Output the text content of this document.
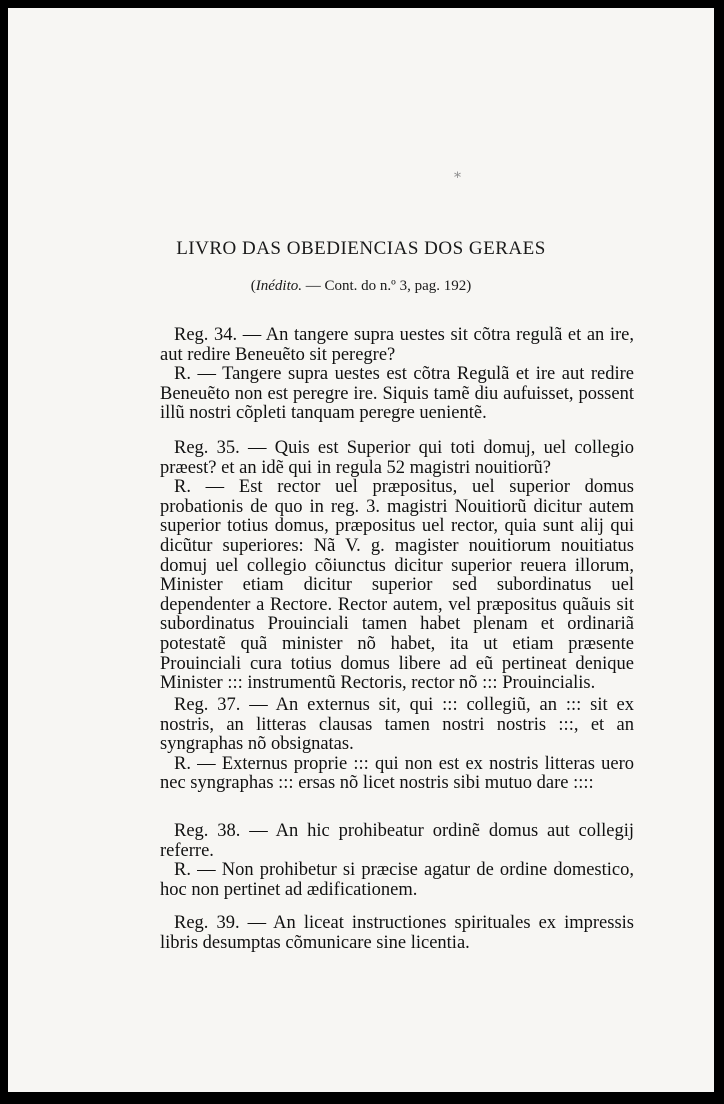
*
LIVRO DAS OBEDIENCIAS DOS GERAES
(Inédito. — Cont. do n.º 3, pag. 192)

Reg. 34. — An tangere supra uestes sit cõtra regulã et an ire, aut redire Beneuẽto sit peregre?

R. — Tangere supra uestes est cõtra Regulã et ire aut redire Beneuẽto non est peregre ire. Siquis tamẽ diu aufuisset, possent illũ nostri cõpleti tanquam peregre uenientẽ.

Reg. 35. — Quis est Superior qui toti domuj, uel collegio præest? et an idẽ qui in regula 52 magistri nouitiorũ?

R. — Est rector uel præpositus, uel superior domus probationis de quo in reg. 3. magistri Nouitiorũ dicitur autem superior totius domus, præpositus uel rector, quia sunt alij qui dicũtur superiores: Nã V. g. magister nouitiorum nouitiatus domuj uel collegio cõiunctus dicitur superior reuera illorum, Minister etiam dicitur superior sed subordinatus uel dependenter a Rectore. Rector autem, vel præpositus quãuis sit subordinatus Prouinciali tamen habet plenam et ordinariã potestatẽ quã minister nõ habet, ita ut etiam præsente Prouinciali cura totius domus libere ad eũ pertineat denique Minister ::: instrumentũ Rectoris, rector nõ ::: Prouincialis.

Reg. 37. — An externus sit, qui ::: collegiũ, an ::: sit ex nostris, an litteras clausas tamen nostri nostris :::, et an syngraphas nõ obsignatas.

R. — Externus proprie ::: qui non est ex nostris litteras uero nec syngraphas ::: ersas nõ licet nostris sibi mutuo dare ::::

Reg. 38. — An hic prohibeatur ordinẽ domus aut collegij referre.

R. — Non prohibetur si præcise agatur de ordine domestico, hoc non pertinet ad ædificationem.

Reg. 39. — An liceat instructiones spirituales ex impressis libris desumptas cõmunicare sine licentia.
